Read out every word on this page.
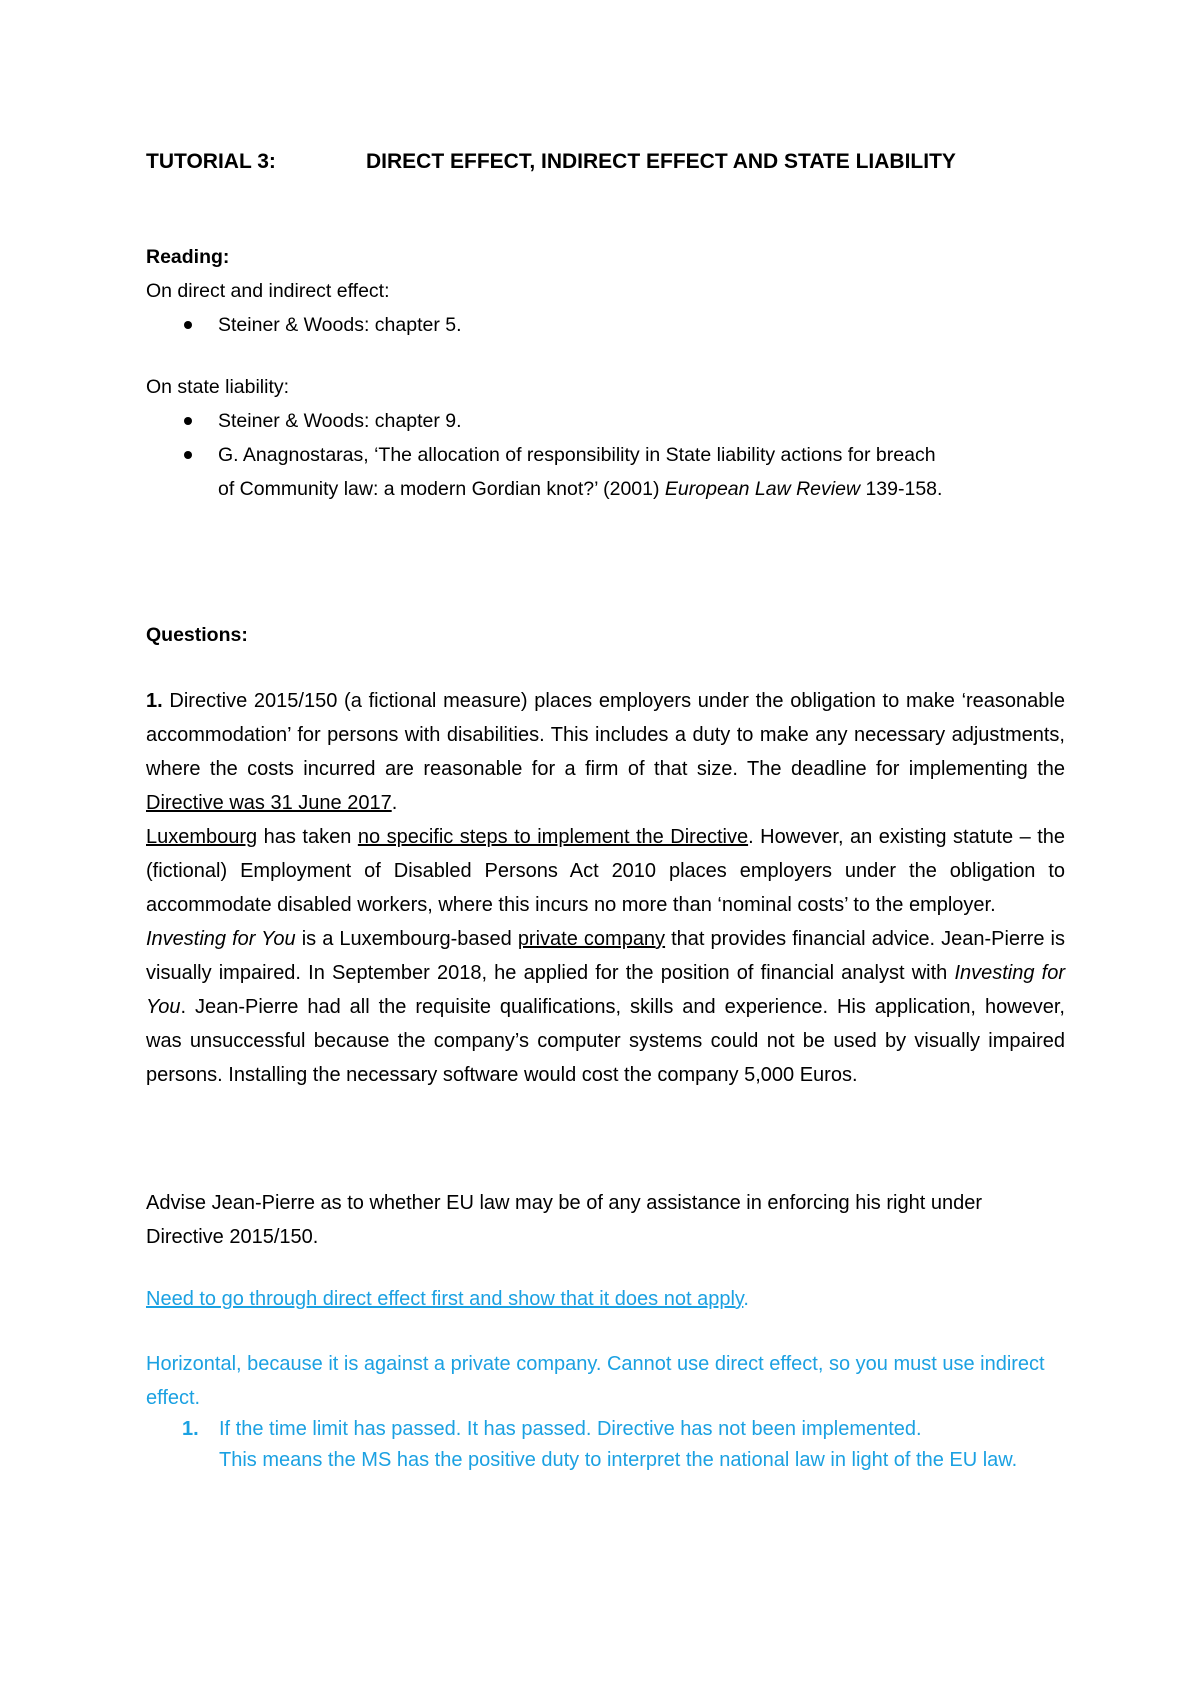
TUTORIAL 3:	DIRECT EFFECT, INDIRECT EFFECT AND STATE LIABILITY
Reading:
On direct and indirect effect:
Steiner & Woods: chapter 5.
On state liability:
Steiner & Woods: chapter 9.
G. Anagnostaras, ‘The allocation of responsibility in State liability actions for breach
of Community law: a modern Gordian knot?’ (2001) European Law Review 139-158.
Questions:

1. Directive 2015/150 (a fictional measure) places employers under the obligation to make ‘reasonable accommodation’ for persons with disabilities. This includes a duty to make any necessary adjustments, where the costs incurred are reasonable for a firm of that size. The deadline for implementing the Directive was 31 June 2017.

Luxembourg has taken no specific steps to implement the Directive. However, an existing statute – the (fictional) Employment of Disabled Persons Act 2010 places employers under the obligation to accommodate disabled workers, where this incurs no more than ‘nominal costs’ to the employer.

Investing for You is a Luxembourg-based private company that provides financial advice. Jean-Pierre is visually impaired. In September 2018, he applied for the position of financial analyst with Investing for You. Jean-Pierre had all the requisite qualifications, skills and experience. His application, however, was unsuccessful because the company’s computer systems could not be used by visually impaired persons. Installing the necessary software would cost the company 5,000 Euros.

Advise Jean-Pierre as to whether EU law may be of any assistance in enforcing his right under Directive 2015/150.
Need to go through direct effect first and show that it does not apply.
Horizontal, because it is against a private company. Cannot use direct effect, so you must use indirect effect.
1. If the time limit has passed. It has passed. Directive has not been implemented.
This means the MS has the positive duty to interpret the national law in light of the EU law.
